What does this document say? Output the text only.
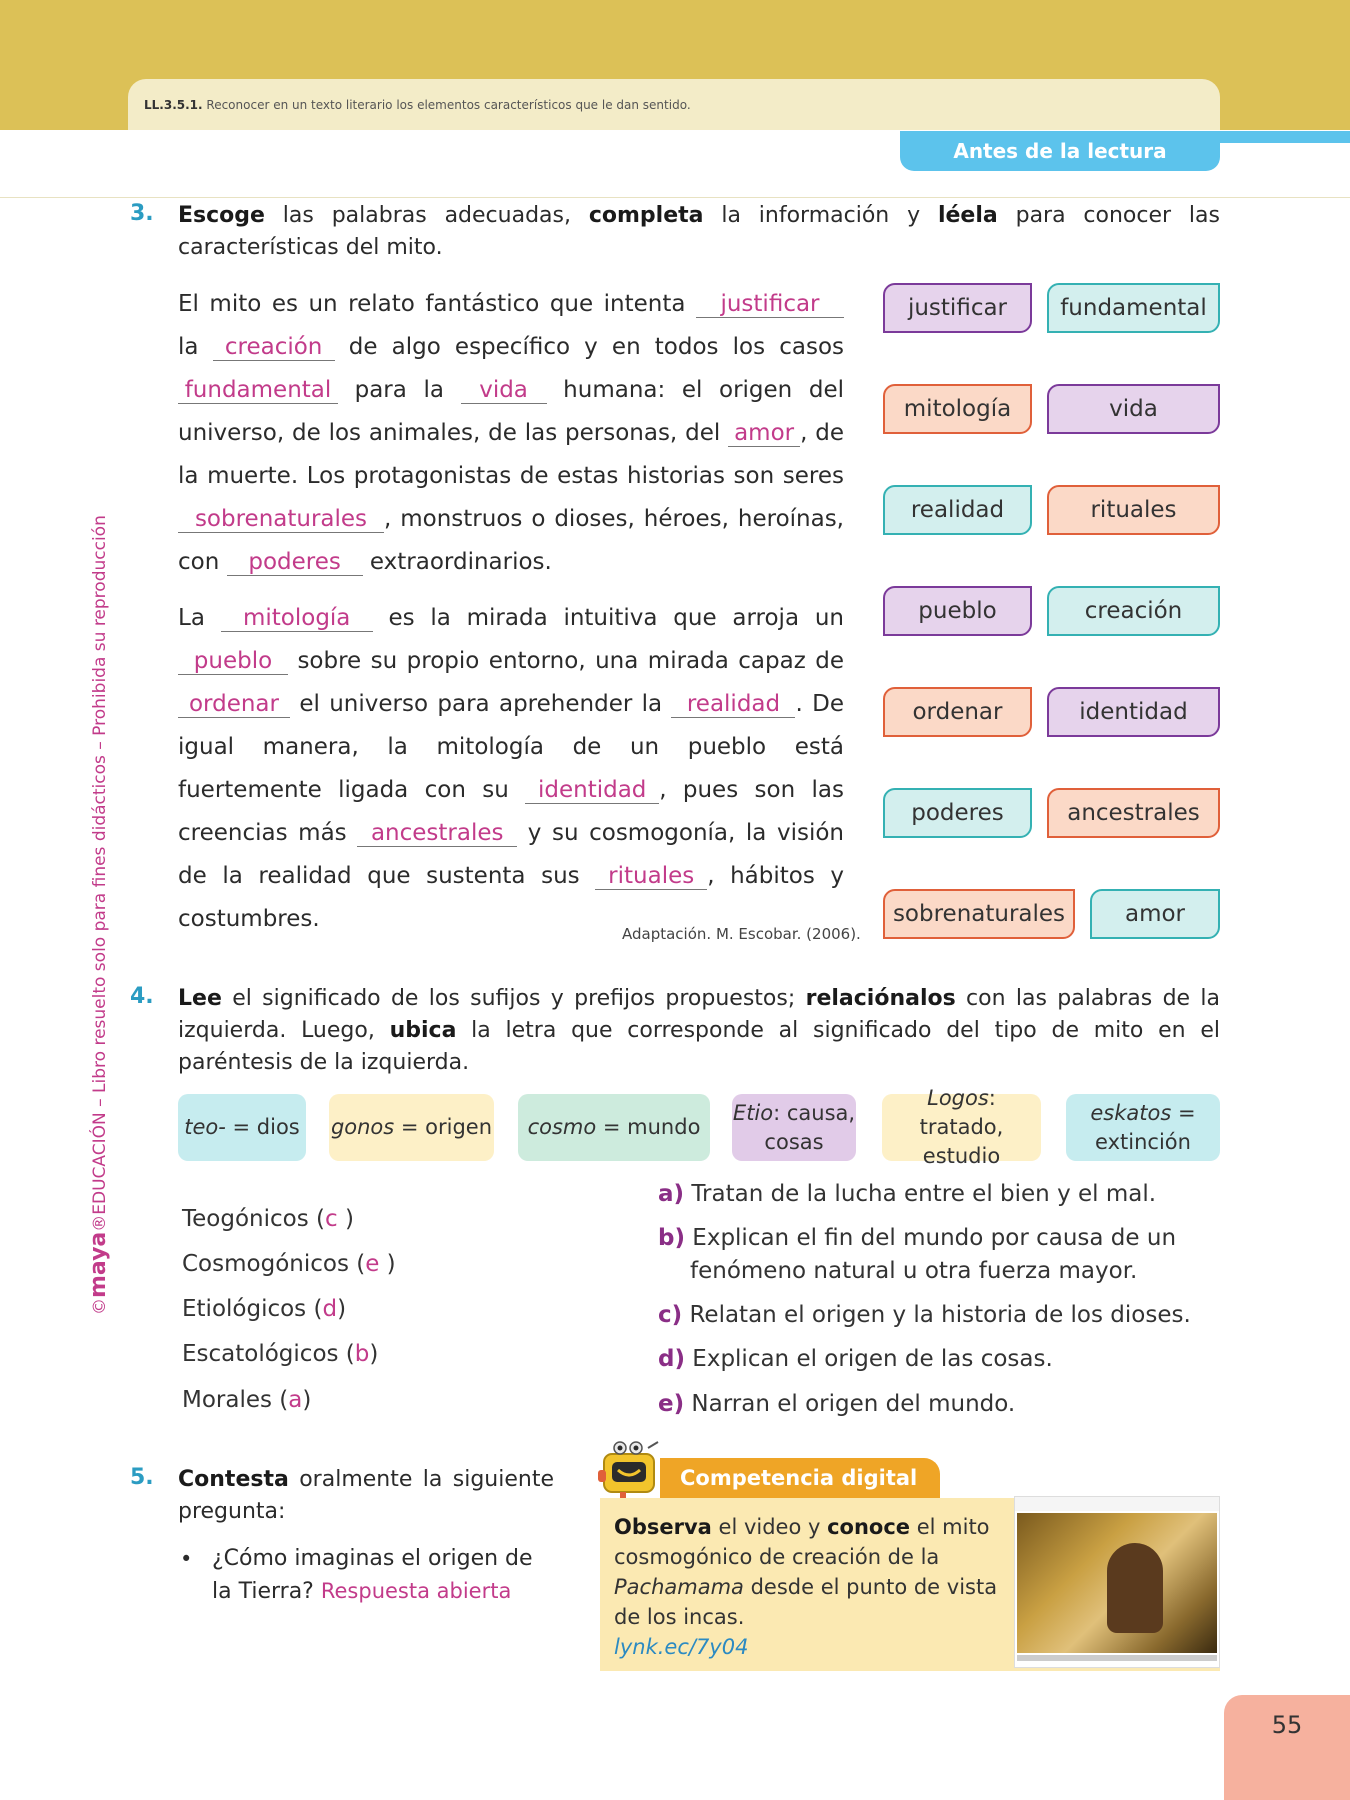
LL.3.5.1. Reconocer en un texto literario los elementos característicos que le dan sentido.
Antes de la lectura
©maya®EDUCACIÓN – Libro resuelto solo para fines didácticos – Prohibida su reproducción
3. Escoge las palabras adecuadas, completa la información y léela para conocer las características del mito.
El mito es un relato fantástico que intenta justificar la creación de algo específico y en todos los casos fundamental para la vida humana: el origen del universo, de los animales, de las personas, del amor , de la muerte. Los protagonistas de estas historias son seres sobrenaturales , monstruos o dioses, héroes, heroínas, con poderes extraordinarios.
La mitología es la mirada intuitiva que arroja un pueblo sobre su propio entorno, una mirada capaz de ordenar el universo para aprehender la realidad . De igual manera, la mitología de un pueblo está fuertemente ligada con su identidad , pues son las creencias más ancestrales y su cosmogonía, la visión de la realidad que sustenta sus rituales , hábitos y costumbres.
Adaptación. M. Escobar. (2006).
justificar	fundamental
mitología	vida
realidad	rituales
pueblo	creación
ordenar	identidad
poderes	ancestrales
sobrenaturales	amor
4. Lee el significado de los sufijos y prefijos propuestos; relaciónalos con las palabras de la izquierda. Luego, ubica la letra que corresponde al significado del tipo de mito en el paréntesis de la izquierda.
teo- = dios gonos = origen cosmo = mundo
Etio: causa, cosas
Logos: tratado, estudio
eskatos = extinción
Teogónicos (c )
Cosmogónicos (e )
Etiológicos (d)
Escatológicos (b)
Morales (a)
a) Tratan de la lucha entre el bien y el mal.
b) Explican el fin del mundo por causa de un fenómeno natural u otra fuerza mayor.
c) Relatan el origen y la historia de los dioses.
d) Explican el origen de las cosas.
e) Narran el origen del mundo.
5. Contesta oralmente la siguiente pregunta:
• ¿Cómo imaginas el origen de la Tierra? Respuesta abierta
Competencia digital
Observa el video y conoce el mito cosmogónico de creación de la Pachamama desde el punto de vista de los incas.
lynk.ec/7y04
55
